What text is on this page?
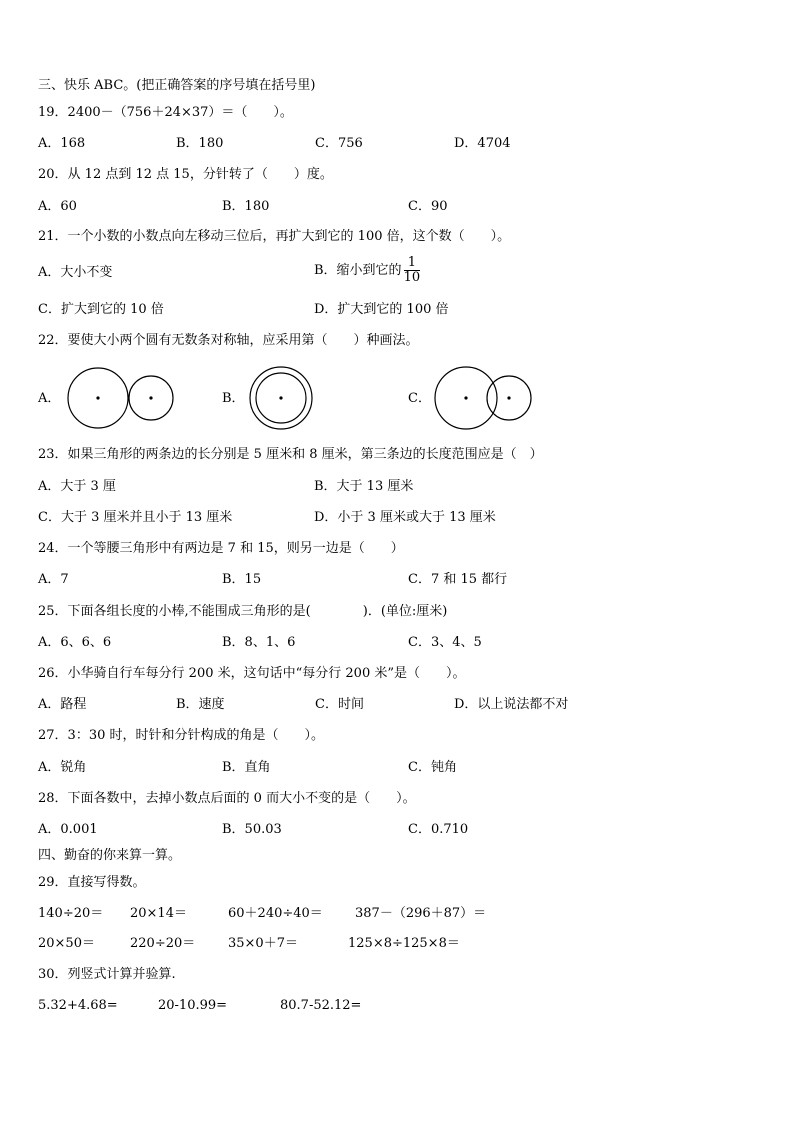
三、快乐 ABC。(把正确答案的序号填在括号里)
19．2400－（756＋24×37）＝（　　）。
A．168	B．180	C．756	D．4704
20．从 12 点到 12 点 15，分针转了（　　）度。
A．60	B．180	C．90
21．一个小数的小数点向左移动三位后，再扩大到它的 100 倍，这个数（　　）。
A．大小不变	B．缩小到它的 $\frac{1}{10}$
C．扩大到它的 10 倍	D．扩大到它的 100 倍
22．要使大小两个圆有无数条对称轴，应采用第（　　）种画法。
A．	B．	C．
23．如果三角形的两条边的长分别是 5 厘米和 8 厘米，第三条边的长度范围应是（　）
A．大于 3 厘	B．大于 13 厘米
C．大于 3 厘米并且小于 13 厘米	D．小于 3 厘米或大于 13 厘米
24．一个等腰三角形中有两边是 7 和 15，则另一边是（　　）
A．7	B．15	C．7 和 15 都行
25．下面各组长度的小棒,不能围成三角形的是(　　　　)．(单位:厘米)
A．6、6、6	B．8、1、6	C．3、4、5
26．小华骑自行车每分行 200 米，这句话中“每分行 200 米”是（　　）。
A．路程	B．速度	C．时间	D．以上说法都不对
27．3：30 时，时针和分针构成的角是（　　）。
A．锐角	B．直角	C．钝角
28．下面各数中，去掉小数点后面的 0 而大小不变的是（　　）。
A．0.001	B．50.03	C．0.710
四、勤奋的你来算一算。
29．直接写得数。
140÷20＝ 20×14＝	60＋240÷40＝ 387－（296＋87）＝
20×50＝	220÷20＝	35×0＋7＝	125×8÷125×8＝
30．列竖式计算并验算.
5.32+4.68=	20-10.99=	80.7-52.12=
